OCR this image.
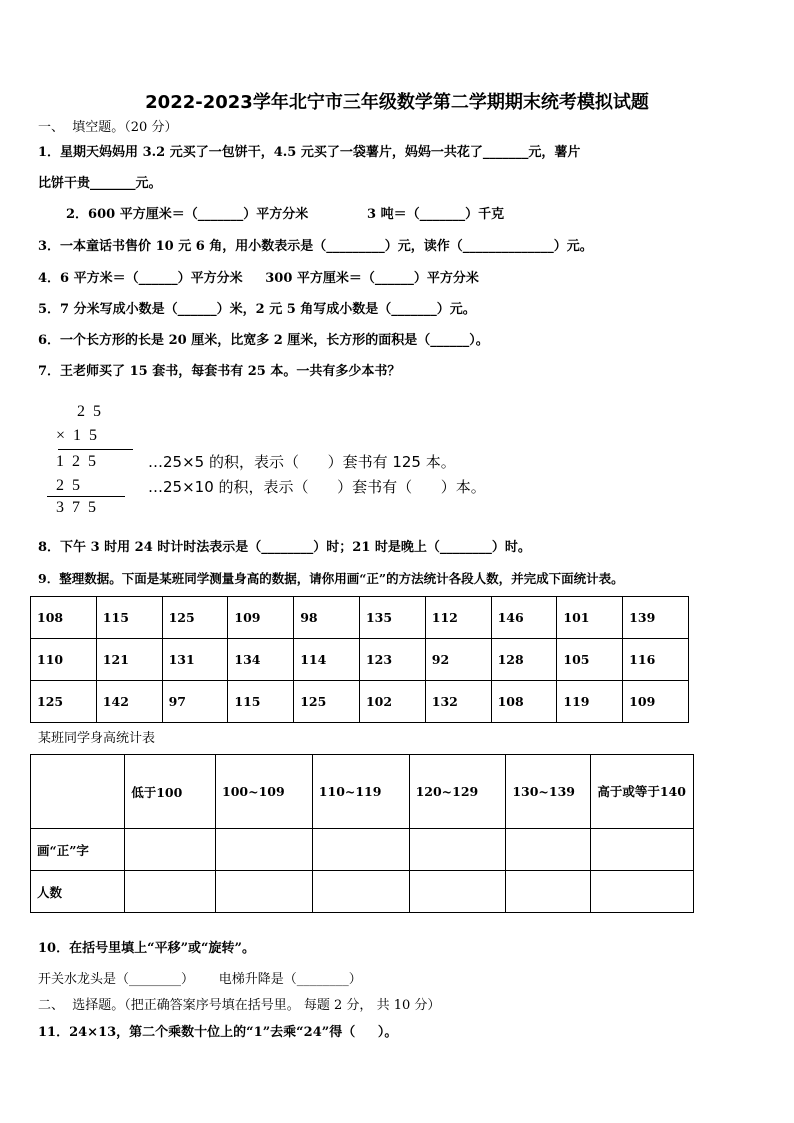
2022-2023学年北宁市三年级数学第二学期期末统考模拟试题
一、  填空题。（20 分）
1．星期天妈妈用 3.2 元买了一包饼干，4.5 元买了一袋薯片，妈妈一共花了_______元，薯片
比饼干贵_______元。
2．600 平方厘米＝（_______）平方分米             3 吨＝（_______）千克
3．一本童话书售价 10 元 6 角，用小数表示是（_________）元，读作（______________）元。
4．6 平方米＝（______）平方分米     300 平方厘米＝（______）平方分米
5．7 分米写成小数是（______）米，2 元 5 角写成小数是（_______）元。
6．一个长方形的长是 20 厘米，比宽多 2 厘米，长方形的面积是（______）。
7．王老师买了 15 套书，每套书有 25 本。一共有多少本书？
2 5
× 1 5
1 2 5
2 5
3 7 5
…25×5 的积，表示（      ）套书有 125 本。
…25×10 的积，表示（      ）套书有（      ）本。
8．下午 3 时用 24 时计时法表示是（________）时；21 时是晚上（________）时。
9．整理数据。下面是某班同学测量身高的数据，请你用画“正”的方法统计各段人数，并完成下面统计表。
108	115	125	109	98	135	112	146	101	139
110	121	131	134	114	123	92	128	105	116
125	142	97	115	125	102	132	108	119	109
某班同学身高统计表
	低于100	100~109	110~119	120~129	130~139	高于或等于140
画“正”字						
人数						
10．在括号里填上“平移”或“旋转”。
开关水龙头是（________）      电梯升降是（________）
二、  选择题。（把正确答案序号填在括号里。 每题 2 分， 共 10 分）
11．24×13，第二个乘数十位上的“1”去乘“24”得（     ）。
